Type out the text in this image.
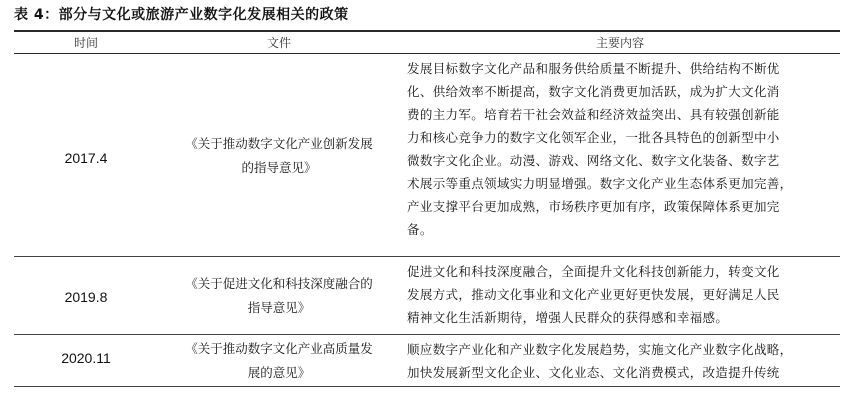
表 4：部分与文化或旅游产业数字化发展相关的政策
时间	文件	主要内容
2017.4
《关于推动数字文化产业创新发展
的指导意见》
发展目标数字文化产品和服务供给质量不断提升、供给结构不断优
化、供给效率不断提高，数字文化消费更加活跃，成为扩大文化消
费的主力军。培育若干社会效益和经济效益突出、具有较强创新能
力和核心竞争力的数字文化领军企业，一批各具特色的创新型中小
微数字文化企业。动漫、游戏、网络文化、数字文化装备、数字艺
术展示等重点领域实力明显增强。数字文化产业生态体系更加完善，
产业支撑平台更加成熟，市场秩序更加有序，政策保障体系更加完
备。
2019.8
《关于促进文化和科技深度融合的
指导意见》
促进文化和科技深度融合，全面提升文化科技创新能力，转变文化
发展方式，推动文化事业和文化产业更好更快发展，更好满足人民
精神文化生活新期待，增强人民群众的获得感和幸福感。
2020.11
《关于推动数字文化产业高质量发
展的意见》
顺应数字产业化和产业数字化发展趋势，实施文化产业数字化战略，
加快发展新型文化企业、文化业态、文化消费模式，改造提升传统
